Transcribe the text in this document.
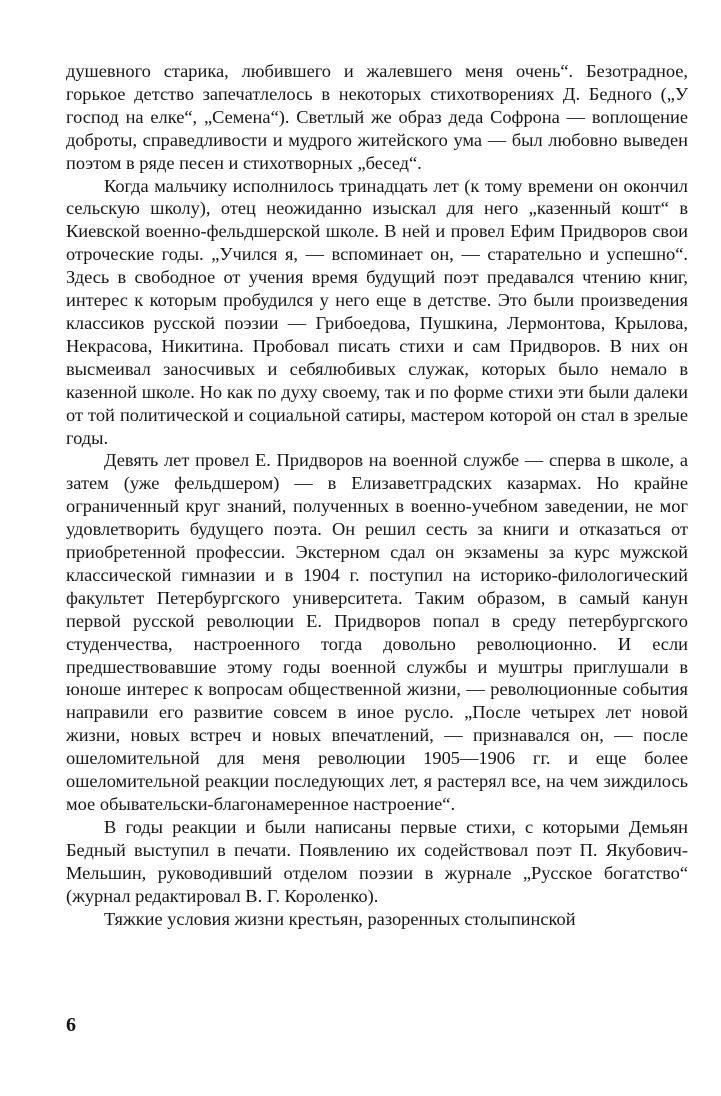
душевного старика, любившего и жалевшего меня очень“. Безотрадное, горькое детство запечатлелось в некоторых стихотворениях Д. Бедного („У господ на елке“, „Семена“). Светлый же образ деда Софрона — воплощение доброты, справедливости и мудрого житейского ума — был любовно выведен поэтом в ряде песен и стихотворных „бесед“.

Когда мальчику исполнилось тринадцать лет (к тому времени он окончил сельскую школу), отец неожиданно изыскал для него „казенный кошт“ в Киевской военно-фельдшерской школе. В ней и провел Ефим Придворов свои отроческие годы. „Учился я, — вспоминает он, — старательно и успешно“. Здесь в свободное от учения время будущий поэт предавался чтению книг, интерес к которым пробудился у него еще в детстве. Это были произведения классиков русской поэзии — Грибоедова, Пушкина, Лермонтова, Крылова, Некрасова, Никитина. Пробовал писать стихи и сам Придворов. В них он высмеивал заносчивых и себялюбивых служак, которых было немало в казенной школе. Но как по духу своему, так и по форме стихи эти были далеки от той политической и социальной сатиры, мастером которой он стал в зрелые годы.

Девять лет провел Е. Придворов на военной службе — сперва в школе, а затем (уже фельдшером) — в Елизаветградских казармах. Но крайне ограниченный круг знаний, полученных в военно-учебном заведении, не мог удовлетворить будущего поэта. Он решил сесть за книги и отказаться от приобретенной профессии. Экстерном сдал он экзамены за курс мужской классической гимназии и в 1904 г. поступил на историко-филологический факультет Петербургского университета. Таким образом, в самый канун первой русской революции Е. Придворов попал в среду петербургского студенчества, настроенного тогда довольно революционно. И если предшествовавшие этому годы военной службы и муштры приглушали в юноше интерес к вопросам общественной жизни, — революционные события направили его развитие совсем в иное русло. „После четырех лет новой жизни, новых встреч и новых впечатлений, — признавался он, — после ошеломительной для меня революции 1905—1906 гг. и еще более ошеломительной реакции последующих лет, я растерял все, на чем зиждилось мое обывательски-благонамеренное настроение“.

В годы реакции и были написаны первые стихи, с которыми Демьян Бедный выступил в печати. Появлению их содействовал поэт П. Якубович-Мельшин, руководивший отделом поэзии в журнале „Русское богатство“ (журнал редактировал В. Г. Короленко).

Тяжкие условия жизни крестьян, разоренных столыпинской

6
